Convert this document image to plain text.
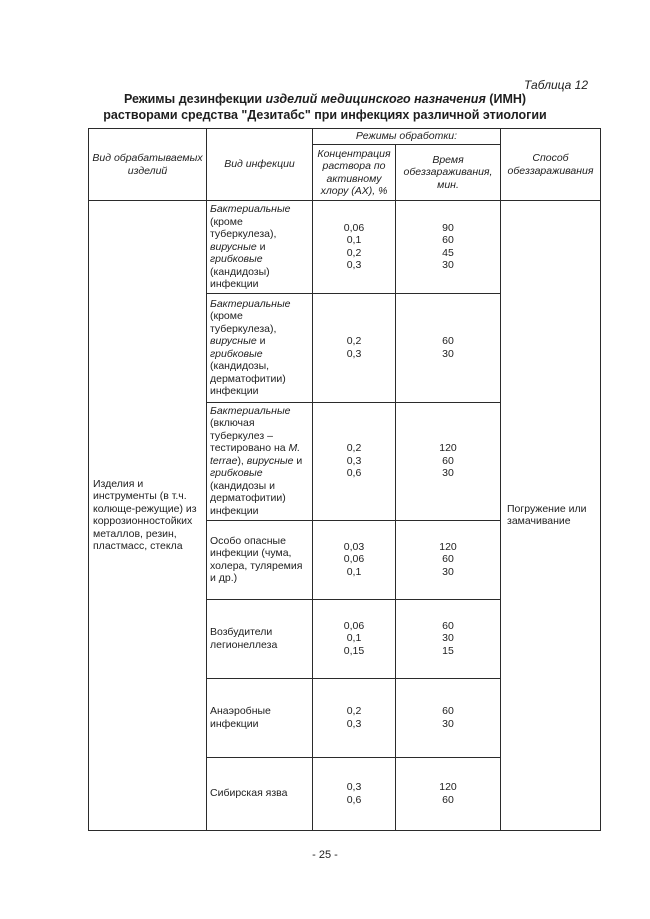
Таблица 12
Режимы дезинфекции изделий медицинского назначения (ИМН)
растворами средства "Дезитабс" при инфекциях различной этиологии
Вид обрабатываемых изделий	Вид инфекции	Режимы обработки:		Способ обеззараживания
		Концентрация раствора по активному хлору (АХ), %	Время обеззараживания, мин.	
Изделия и инструменты (в т.ч. колюще-режущие) из коррозионностойких металлов, резин, пластмасс, стекла	Бактериальные (кроме туберкулеза), вирусные и грибковые (кандидозы) инфекции	0,06
0,1
0,2
0,3	90
60
45
30	Погружение или замачивание
	Бактериальные (кроме туберкулеза), вирусные и грибковые (кандидозы, дерматофитии) инфекции	0,2
0,3	60
30	

	Бактериальные (включая туберкулез – тестировано на M. terrae), вирусные и грибковые (кандидозы и дерматофитии) инфекции	0,2
0,3
0,6	120
60
30	

	Особо опасные инфекции (чума, холера, туляремия и др.)	0,03
0,06
0,1	120
60
30	

	Возбудители легионеллеза	0,06
0,1
0,15	60
30
15	

	Анаэробные инфекции	0,2
0,3	60
30	

	Сибирская язва	0,3
0,6	120
60	
- 25 -
